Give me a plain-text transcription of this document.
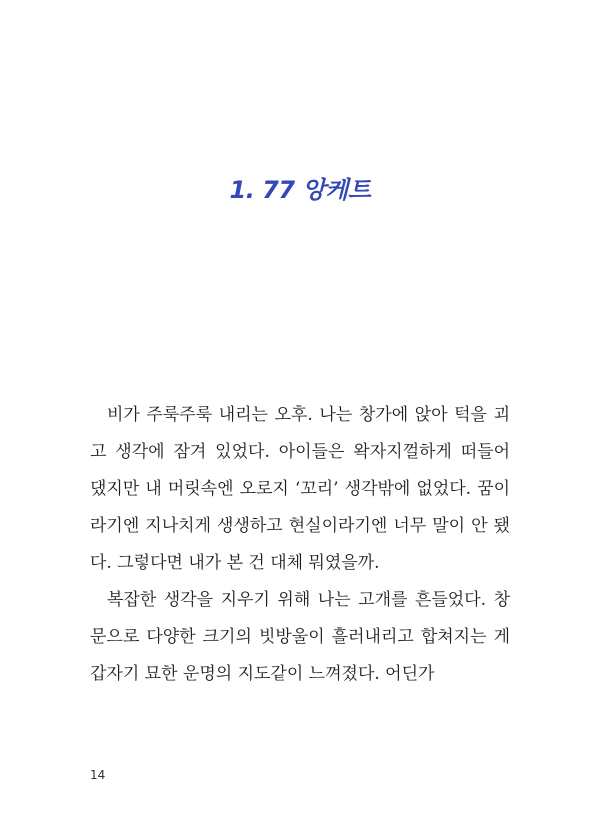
1. 77 앙케트

비가 주룩주룩 내리는 오후. 나는 창가에 앉아 턱을 괴고 생각에 잠겨 있었다. 아이들은 왁자지껄하게 떠들어 댔지만 내 머릿속엔 오로지 ‘꼬리’ 생각밖에 없었다. 꿈이라기엔 지나치게 생생하고 현실이라기엔 너무 말이 안 됐다. 그렇다면 내가 본 건 대체 뭐였을까.

복잡한 생각을 지우기 위해 나는 고개를 흔들었다. 창문으로 다양한 크기의 빗방울이 흘러내리고 합쳐지는 게 갑자기 묘한 운명의 지도같이 느껴졌다. 어딘가

14
